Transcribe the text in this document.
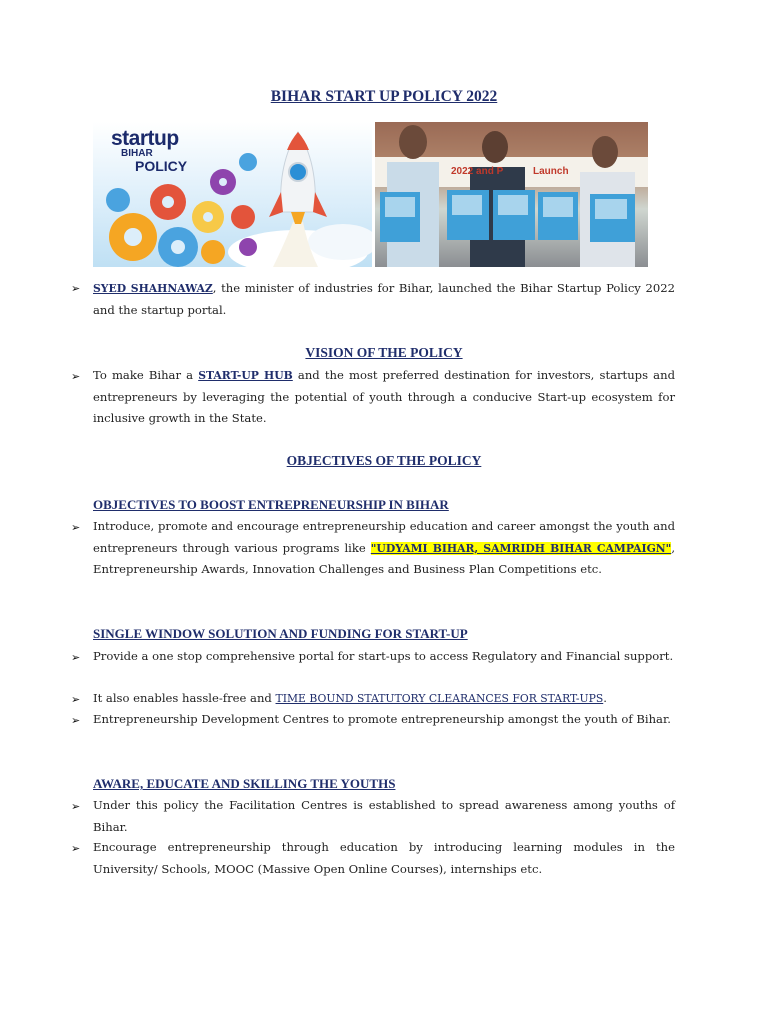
BIHAR START UP POLICY 2022
startup
BIHAR
POLICY	2022 and P	Launch
➢ SYED SHAHNAWAZ, the minister of industries for Bihar, launched the Bihar Startup Policy 2022 and the startup portal.
VISION OF THE POLICY
➢ To make Bihar a START-UP HUB and the most preferred destination for investors, startups and entrepreneurs by leveraging the potential of youth through a conducive Start-up ecosystem for inclusive growth in the State.
OBJECTIVES OF THE POLICY
OBJECTIVES TO BOOST ENTREPRENEURSHIP IN BIHAR
➢ Introduce, promote and encourage entrepreneurship education and career amongst the youth and entrepreneurs through various programs like "UDYAMI BIHAR, SAMRIDH BIHAR CAMPAIGN", Entrepreneurship Awards, Innovation Challenges and Business Plan Competitions etc.
SINGLE WINDOW SOLUTION AND FUNDING FOR START-UP
➢ Provide a one stop comprehensive portal for start-ups to access Regulatory and Financial support.
➢ It also enables hassle-free and TIME BOUND STATUTORY CLEARANCES FOR START-UPS.
➢ Entrepreneurship Development Centres to promote entrepreneurship amongst the youth of Bihar.
AWARE, EDUCATE AND SKILLING THE YOUTHS
➢ Under this policy the Facilitation Centres is established to spread awareness among youths of Bihar.
➢ Encourage entrepreneurship through education by introducing learning modules in the University/ Schools, MOOC (Massive Open Online Courses), internships etc.
